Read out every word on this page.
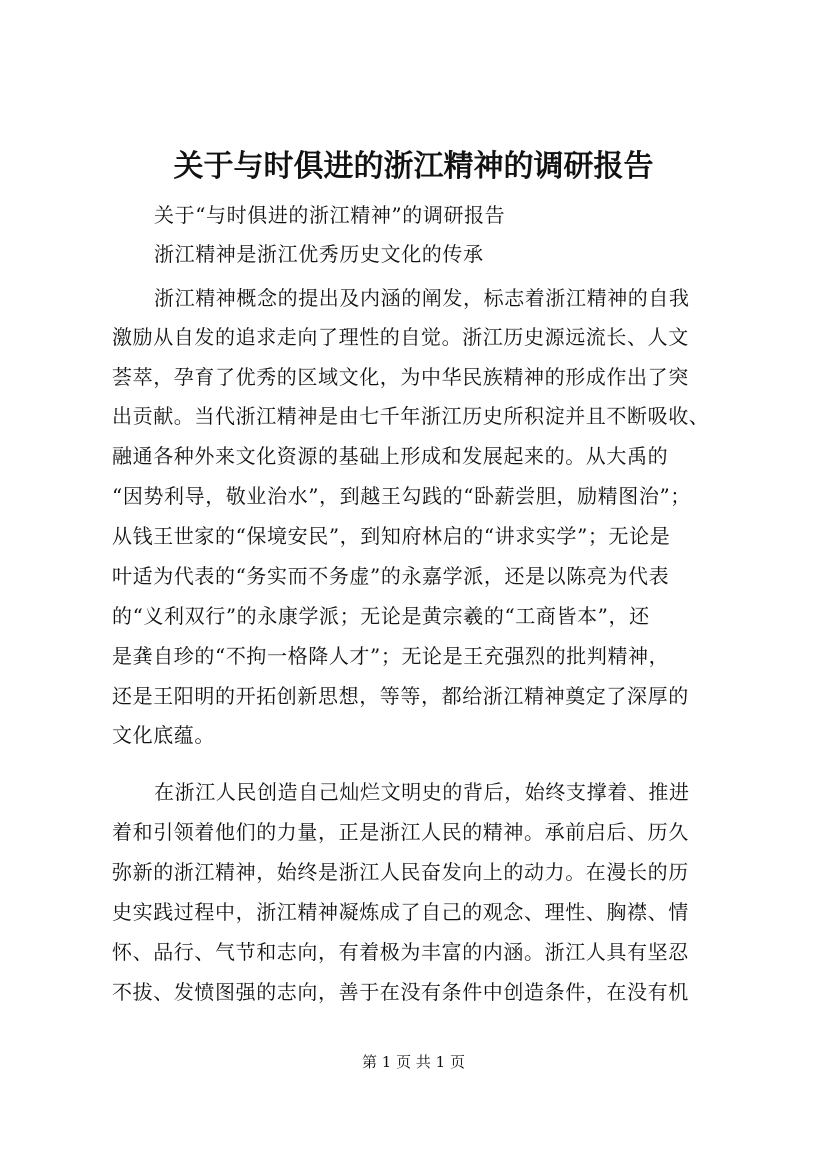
关于与时俱进的浙江精神的调研报告
关于“与时俱进的浙江精神”的调研报告
浙江精神是浙江优秀历史文化的传承
浙江精神概念的提出及内涵的阐发，标志着浙江精神的自我
激励从自发的追求走向了理性的自觉。浙江历史源远流长、人文
荟萃，孕育了优秀的区域文化，为中华民族精神的形成作出了突
出贡献。当代浙江精神是由七千年浙江历史所积淀并且不断吸收、
融通各种外来文化资源的基础上形成和发展起来的。从大禹的
“因势利导，敬业治水”，到越王勾践的“卧薪尝胆，励精图治”；
从钱王世家的“保境安民”，到知府林启的“讲求实学”；无论是
叶适为代表的“务实而不务虚”的永嘉学派，还是以陈亮为代表
的“义利双行”的永康学派；无论是黄宗羲的“工商皆本”，还
是龚自珍的“不拘一格降人才”；无论是王充强烈的批判精神，
还是王阳明的开拓创新思想，等等，都给浙江精神奠定了深厚的
文化底蕴。
在浙江人民创造自己灿烂文明史的背后，始终支撑着、推进
着和引领着他们的力量，正是浙江人民的精神。承前启后、历久
弥新的浙江精神，始终是浙江人民奋发向上的动力。在漫长的历
史实践过程中，浙江精神凝炼成了自己的观念、理性、胸襟、情
怀、品行、气节和志向，有着极为丰富的内涵。浙江人具有坚忍
不拔、发愤图强的志向，善于在没有条件中创造条件，在没有机
第 1 页 共 1 页
